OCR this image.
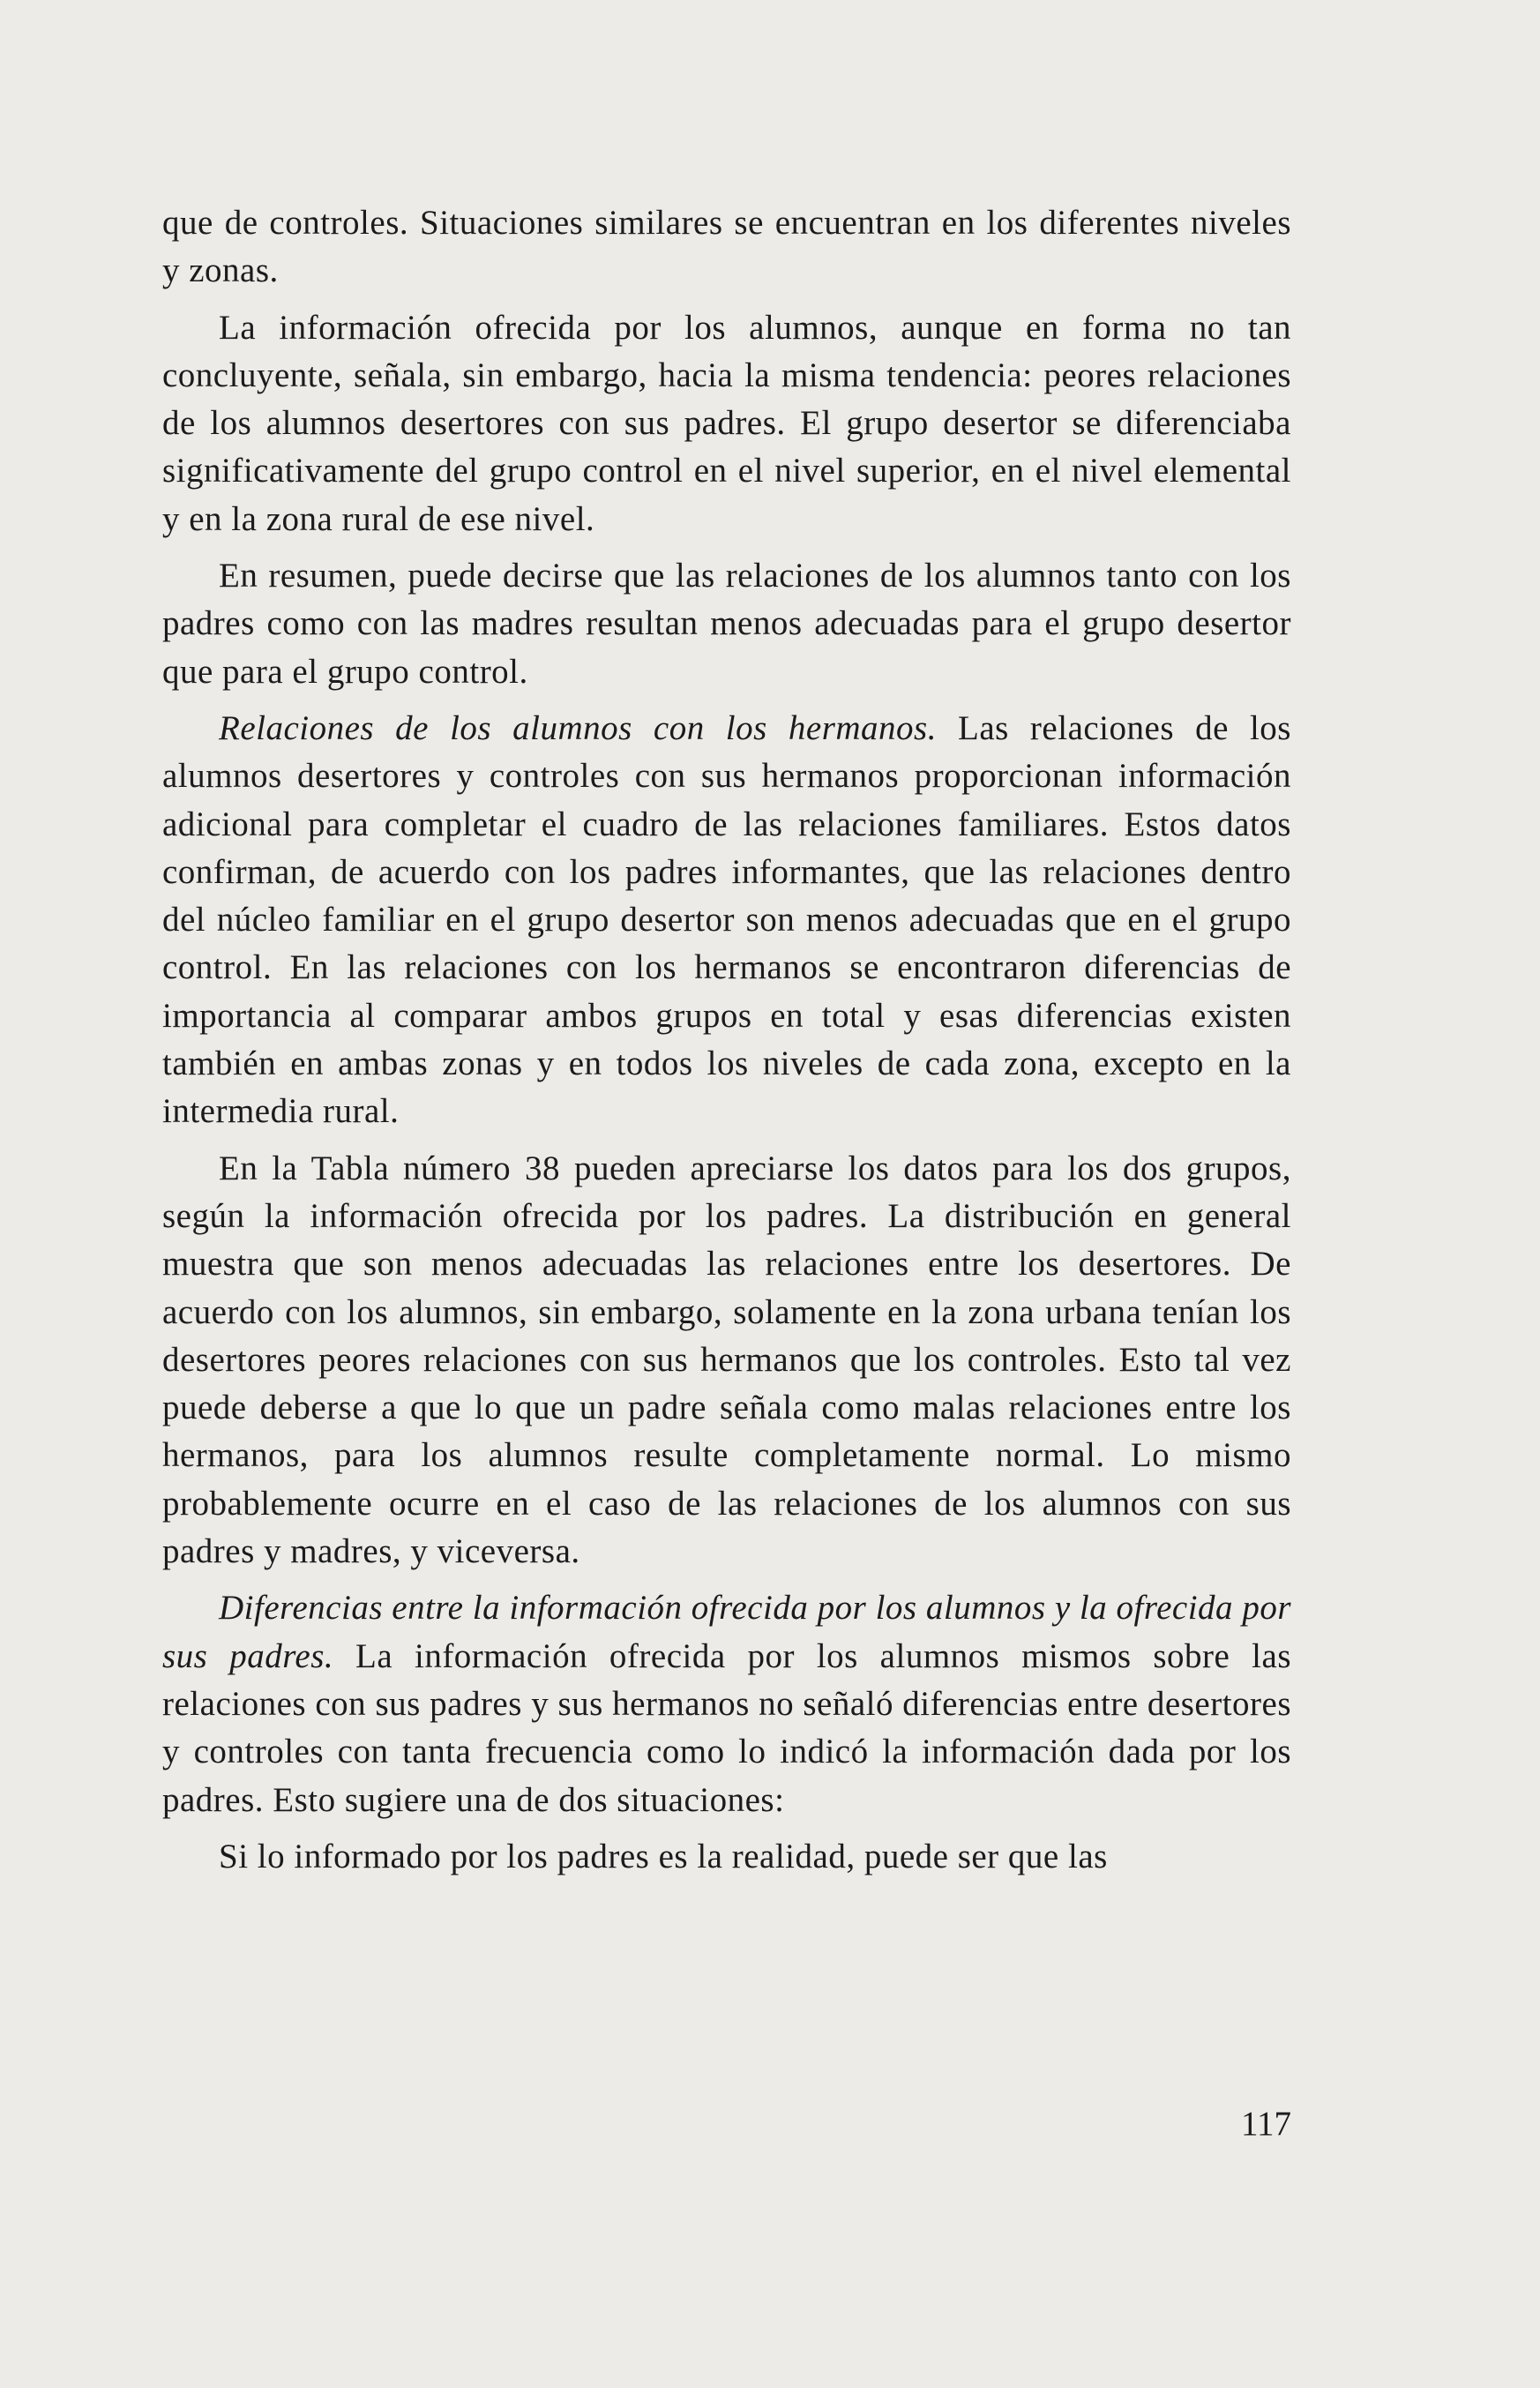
que de controles. Situaciones similares se encuentran en los diferentes niveles y zonas.

La información ofrecida por los alumnos, aunque en forma no tan concluyente, señala, sin embargo, hacia la misma tendencia: peores relaciones de los alumnos desertores con sus padres. El grupo desertor se diferenciaba significativamente del grupo control en el nivel superior, en el nivel elemental y en la zona rural de ese nivel.

En resumen, puede decirse que las relaciones de los alumnos tanto con los padres como con las madres resultan menos adecuadas para el grupo desertor que para el grupo control.

Relaciones de los alumnos con los hermanos. Las relaciones de los alumnos desertores y controles con sus hermanos proporcionan información adicional para completar el cuadro de las relaciones familiares. Estos datos confirman, de acuerdo con los padres informantes, que las relaciones dentro del núcleo familiar en el grupo desertor son menos adecuadas que en el grupo control. En las relaciones con los hermanos se encontraron diferencias de importancia al comparar ambos grupos en total y esas diferencias existen también en ambas zonas y en todos los niveles de cada zona, excepto en la intermedia rural.

En la Tabla número 38 pueden apreciarse los datos para los dos grupos, según la información ofrecida por los padres. La distribución en general muestra que son menos adecuadas las relaciones entre los desertores. De acuerdo con los alumnos, sin embargo, solamente en la zona urbana tenían los desertores peores relaciones con sus hermanos que los controles. Esto tal vez puede deberse a que lo que un padre señala como malas relaciones entre los hermanos, para los alumnos resulte completamente normal. Lo mismo probablemente ocurre en el caso de las relaciones de los alumnos con sus padres y madres, y viceversa.

Diferencias entre la información ofrecida por los alumnos y la ofrecida por sus padres. La información ofrecida por los alumnos mismos sobre las relaciones con sus padres y sus hermanos no señaló diferencias entre desertores y controles con tanta frecuencia como lo indicó la información dada por los padres. Esto sugiere una de dos situaciones:

Si lo informado por los padres es la realidad, puede ser que las

117
